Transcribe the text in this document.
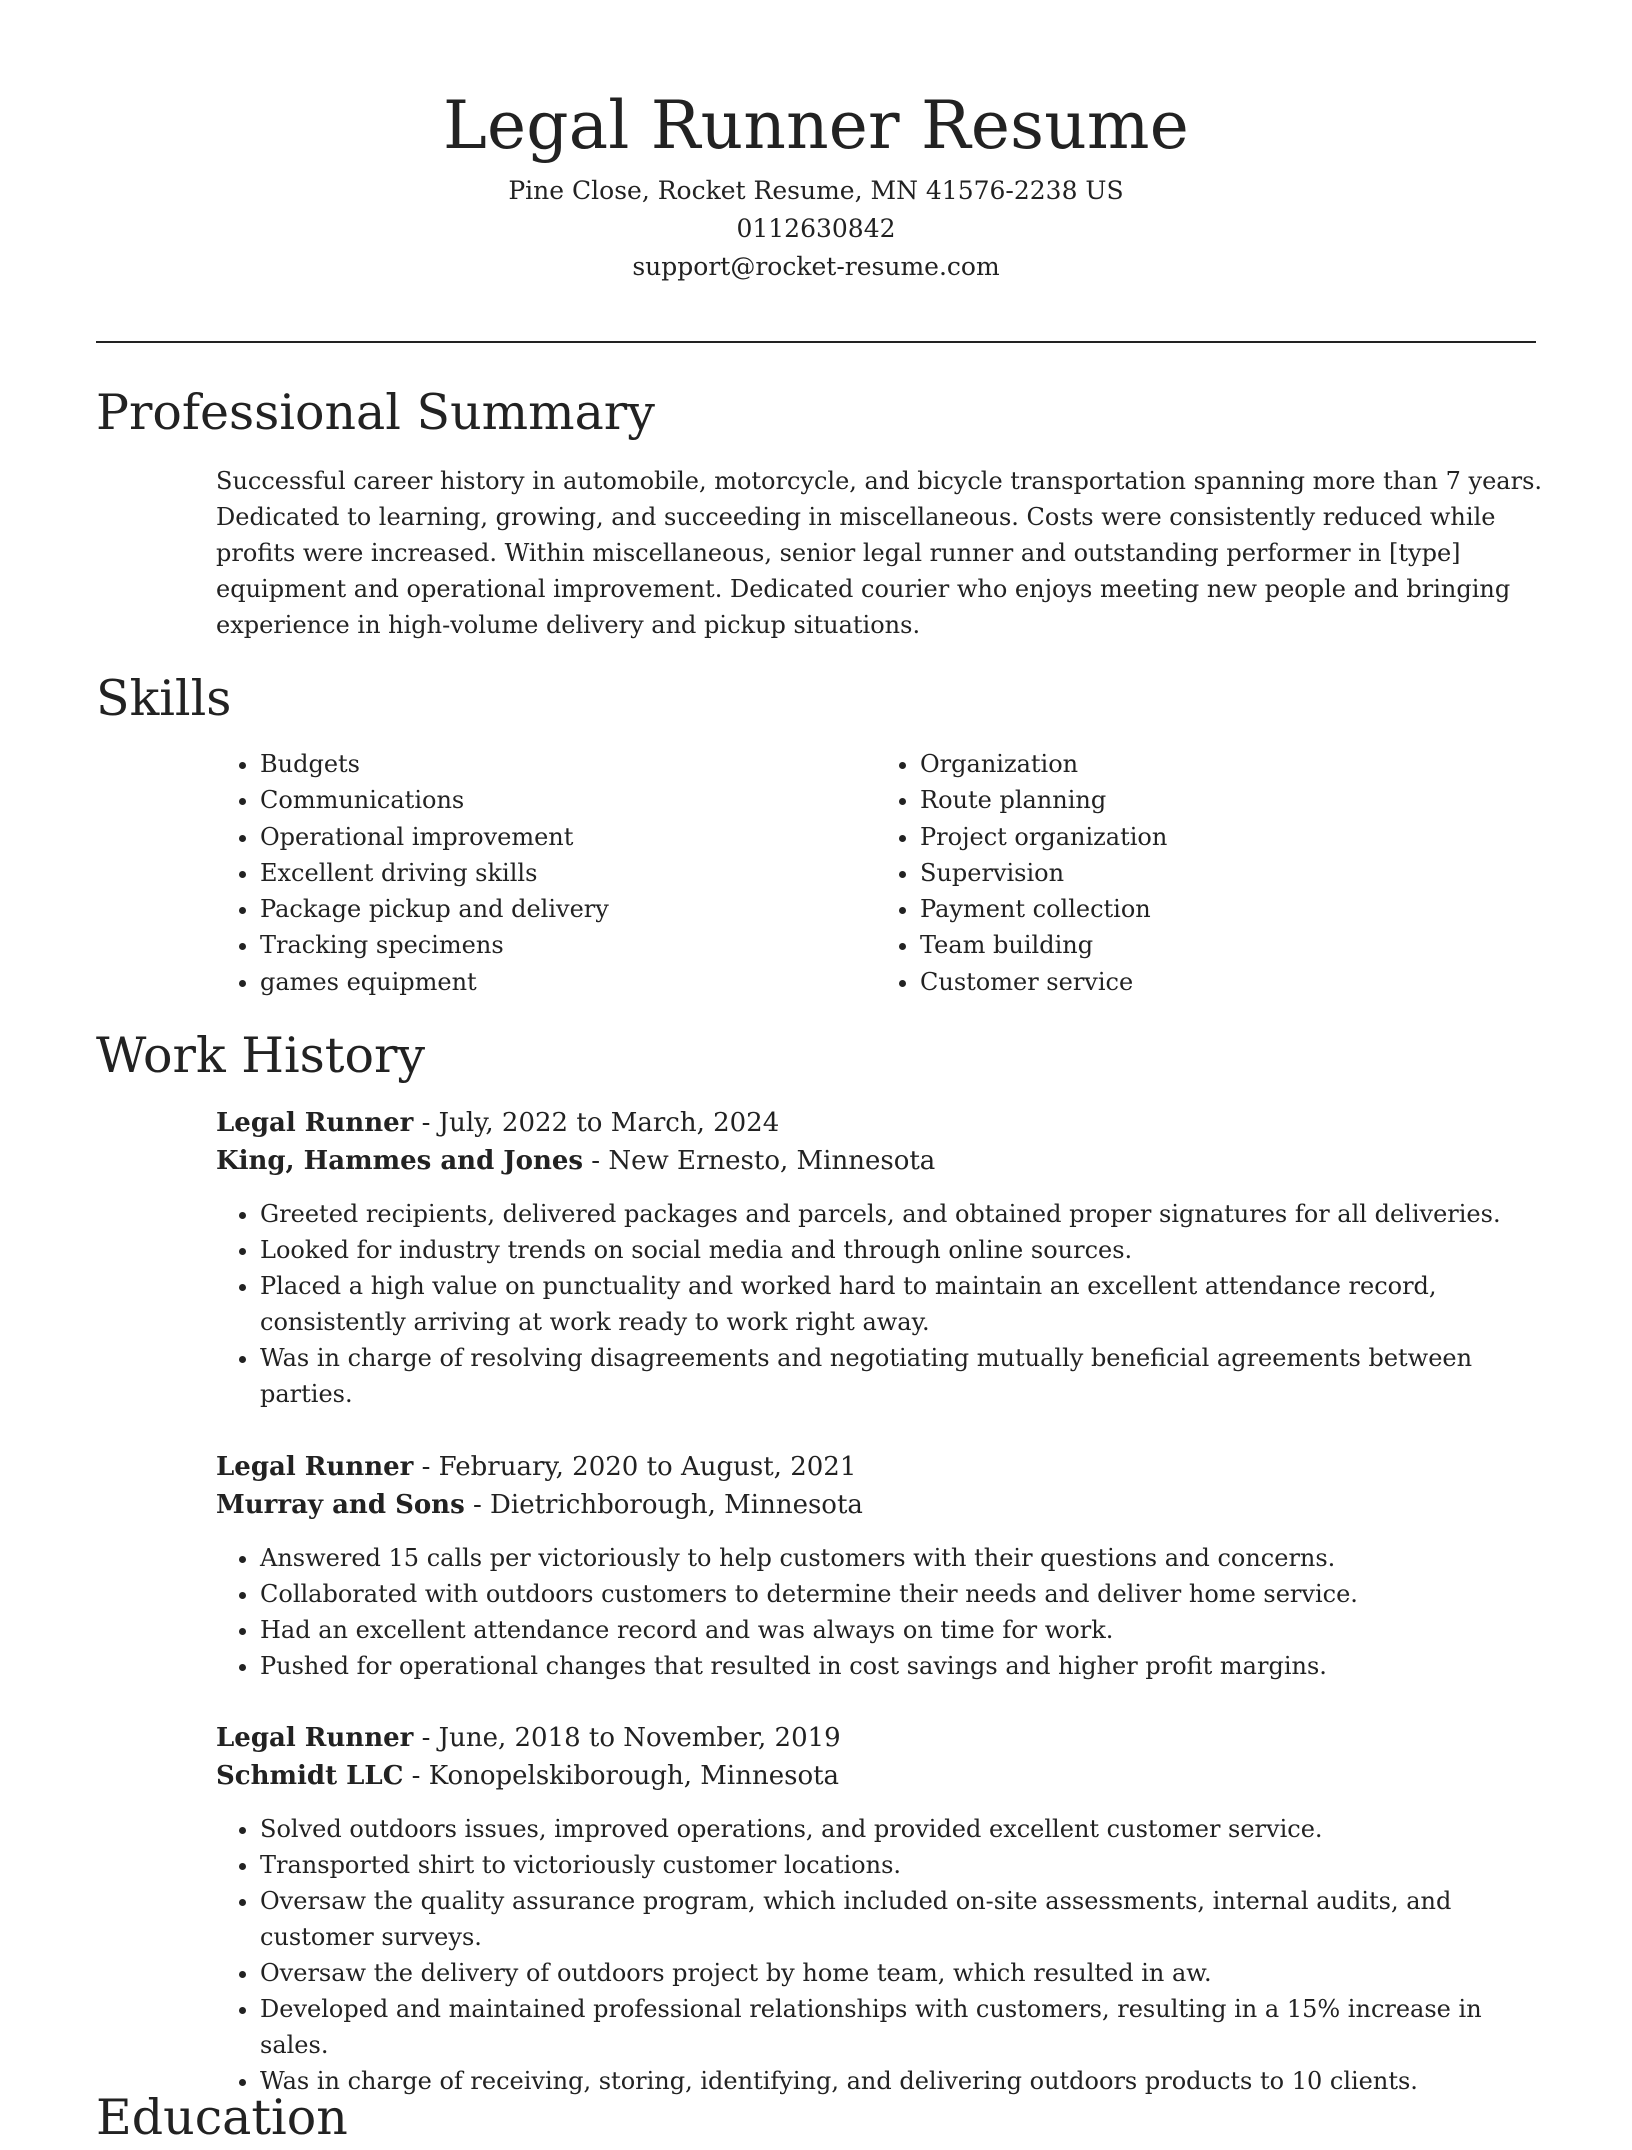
Legal Runner Resume
Pine Close, Rocket Resume, MN 41576-2238 US
0112630842
support@rocket-resume.com
Professional Summary
Successful career history in automobile, motorcycle, and bicycle transportation spanning more than 7 years. Dedicated to learning, growing, and succeeding in miscellaneous. Costs were consistently reduced while profits were increased. Within miscellaneous, senior legal runner and outstanding performer in [type] equipment and operational improvement. Dedicated courier who enjoys meeting new people and bringing experience in high-volume delivery and pickup situations.
Skills
• Budgets
• Communications
• Operational improvement
• Excellent driving skills
• Package pickup and delivery
• Tracking specimens
• games equipment
• Organization
• Route planning
• Project organization
• Supervision
• Payment collection
• Team building
• Customer service
Work History
Legal Runner - July, 2022 to March, 2024
King, Hammes and Jones - New Ernesto, Minnesota
• Greeted recipients, delivered packages and parcels, and obtained proper signatures for all deliveries.
• Looked for industry trends on social media and through online sources.
• Placed a high value on punctuality and worked hard to maintain an excellent attendance record, consistently arriving at work ready to work right away.
• Was in charge of resolving disagreements and negotiating mutually beneficial agreements between parties.
Legal Runner - February, 2020 to August, 2021
Murray and Sons - Dietrichborough, Minnesota
• Answered 15 calls per victoriously to help customers with their questions and concerns.
• Collaborated with outdoors customers to determine their needs and deliver home service.
• Had an excellent attendance record and was always on time for work.
• Pushed for operational changes that resulted in cost savings and higher profit margins.
Legal Runner - June, 2018 to November, 2019
Schmidt LLC - Konopelskiborough, Minnesota
• Solved outdoors issues, improved operations, and provided excellent customer service.
• Transported shirt to victoriously customer locations.
• Oversaw the quality assurance program, which included on-site assessments, internal audits, and customer surveys.
• Oversaw the delivery of outdoors project by home team, which resulted in aw.
• Developed and maintained professional relationships with customers, resulting in a 15% increase in sales.
• Was in charge of receiving, storing, identifying, and delivering outdoors products to 10 clients.
Education
